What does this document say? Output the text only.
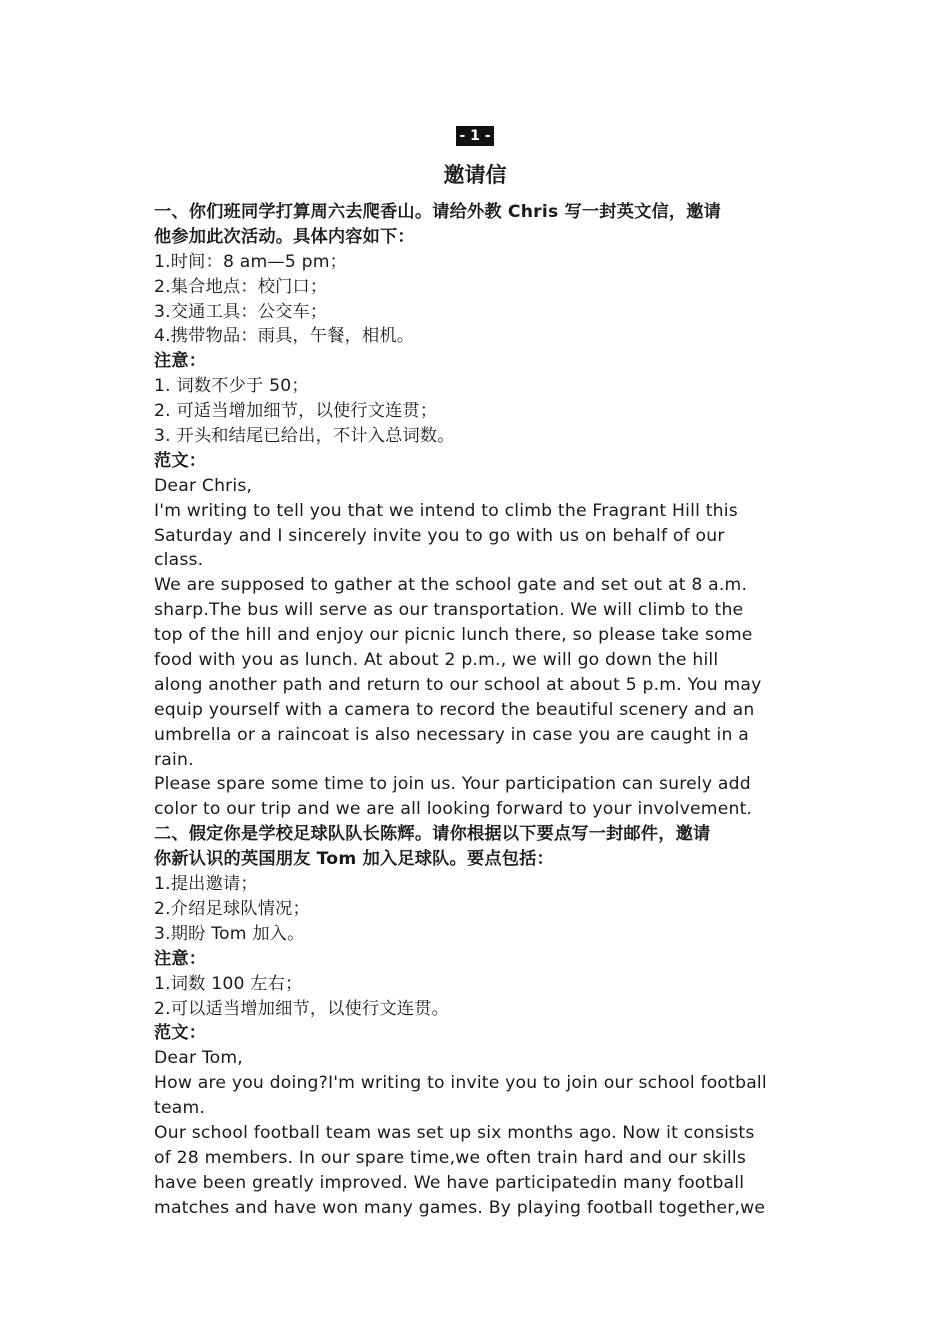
- 1 -
邀请信
一、你们班同学打算周六去爬香山。请给外教 Chris 写一封英文信，邀请
他参加此次活动。具体内容如下：
1.时间：8 am—5 pm；
2.集合地点：校门口；
3.交通工具：公交车；
4.携带物品：雨具，午餐，相机。
注意：
1. 词数不少于 50；
2. 可适当增加细节，以使行文连贯；
3. 开头和结尾已给出，不计入总词数。
范文：
Dear Chris,
I'm writing to tell you that we intend to climb the Fragrant Hill this
Saturday and I sincerely invite you to go with us on behalf of our
class.
We are supposed to gather at the school gate and set out at 8 a.m.
sharp.The bus will serve as our transportation. We will climb to the
top of the hill and enjoy our picnic lunch there, so please take some
food with you as lunch. At about 2 p.m., we will go down the hill
along another path and return to our school at about 5 p.m. You may
equip yourself with a camera to record the beautiful scenery and an
umbrella or a raincoat is also necessary in case you are caught in a
rain.
Please spare some time to join us. Your participation can surely add
color to our trip and we are all looking forward to your involvement.
二、假定你是学校足球队队长陈辉。请你根据以下要点写一封邮件，邀请
你新认识的英国朋友 Tom 加入足球队。要点包括：
1.提出邀请；
2.介绍足球队情况；
3.期盼 Tom 加入。
注意：
1.词数 100 左右；
2.可以适当增加细节，以使行文连贯。
范文：
Dear Tom,
How are you doing?I'm writing to invite you to join our school football
team.
Our school football team was set up six months ago. Now it consists
of 28 members. In our spare time,we often train hard and our skills
have been greatly improved. We have participatedin many football
matches and have won many games. By playing football together,we
